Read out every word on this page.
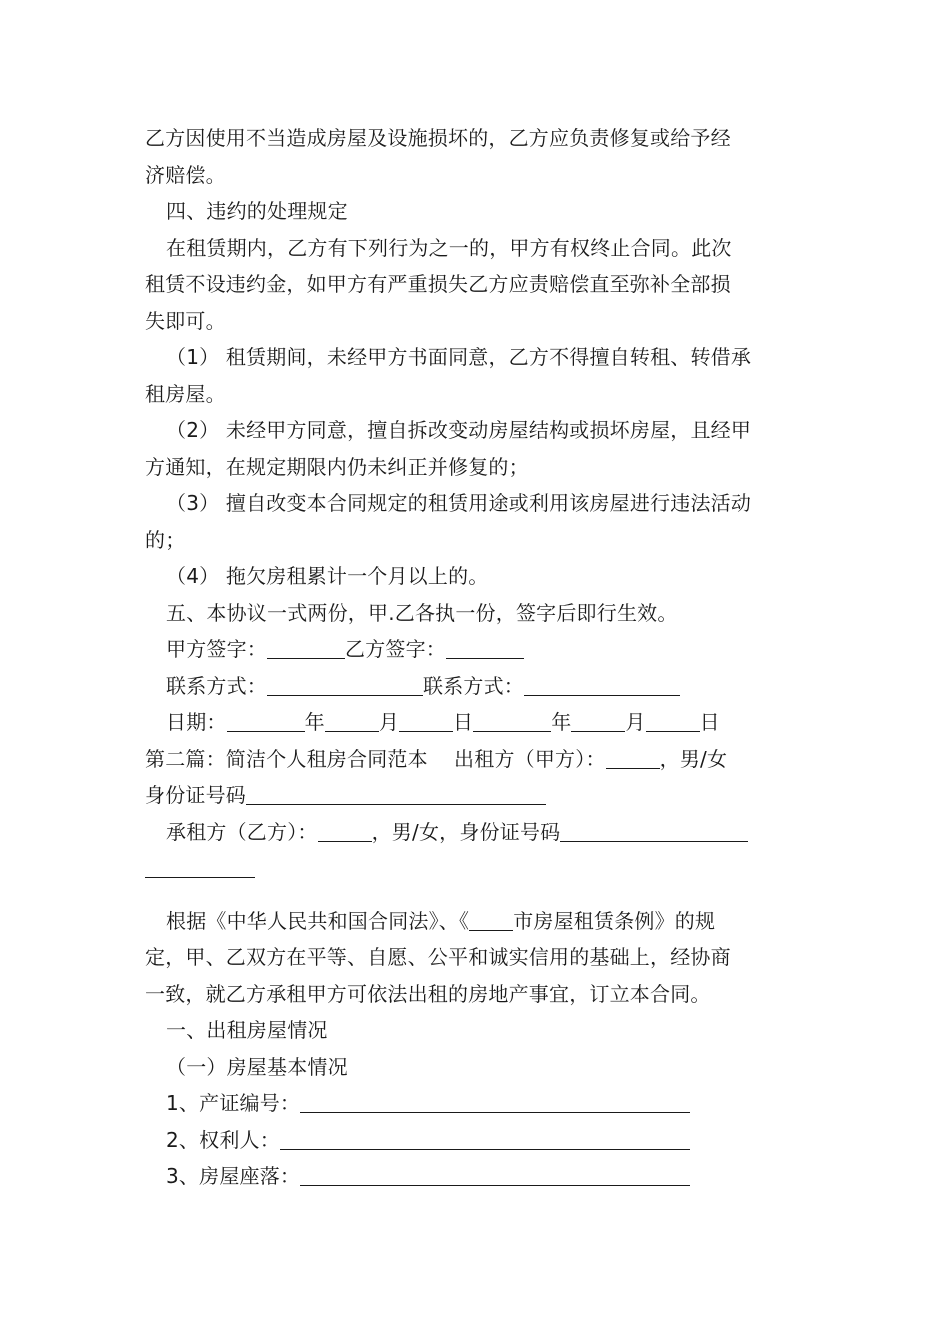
乙方因使用不当造成房屋及设施损坏的，乙方应负责修复或给予经
济赔偿。
四、违约的处理规定
在租赁期内，乙方有下列行为之一的，甲方有权终止合同。此次
租赁不设违约金，如甲方有严重损失乙方应责赔偿直至弥补全部损
失即可。
（1） 租赁期间，未经甲方书面同意，乙方不得擅自转租、转借承
租房屋。
（2） 未经甲方同意，擅自拆改变动房屋结构或损坏房屋，且经甲
方通知，在规定期限内仍未纠正并修复的；
（3） 擅自改变本合同规定的租赁用途或利用该房屋进行违法活动
的；
（4） 拖欠房租累计一个月以上的。
五、本协议一式两份，甲.乙各执一份，签字后即行生效。
甲方签字：	乙方签字：
联系方式：	联系方式：
日期：	年	月	日	年	月	日
第二篇：简洁个人租房合同范本 出租方（甲方）：	，男/女
身份证号码
承租方（乙方）：	，男/女，身份证号码
根据《中华人民共和国合同法》、《 市房屋租赁条例》的规
定，甲、乙双方在平等、自愿、公平和诚实信用的基础上，经协商
一致，就乙方承租甲方可依法出租的房地产事宜，订立本合同。
一、出租房屋情况
（一）房屋基本情况
1、产证编号：
2、权利人：
3、房屋座落：
